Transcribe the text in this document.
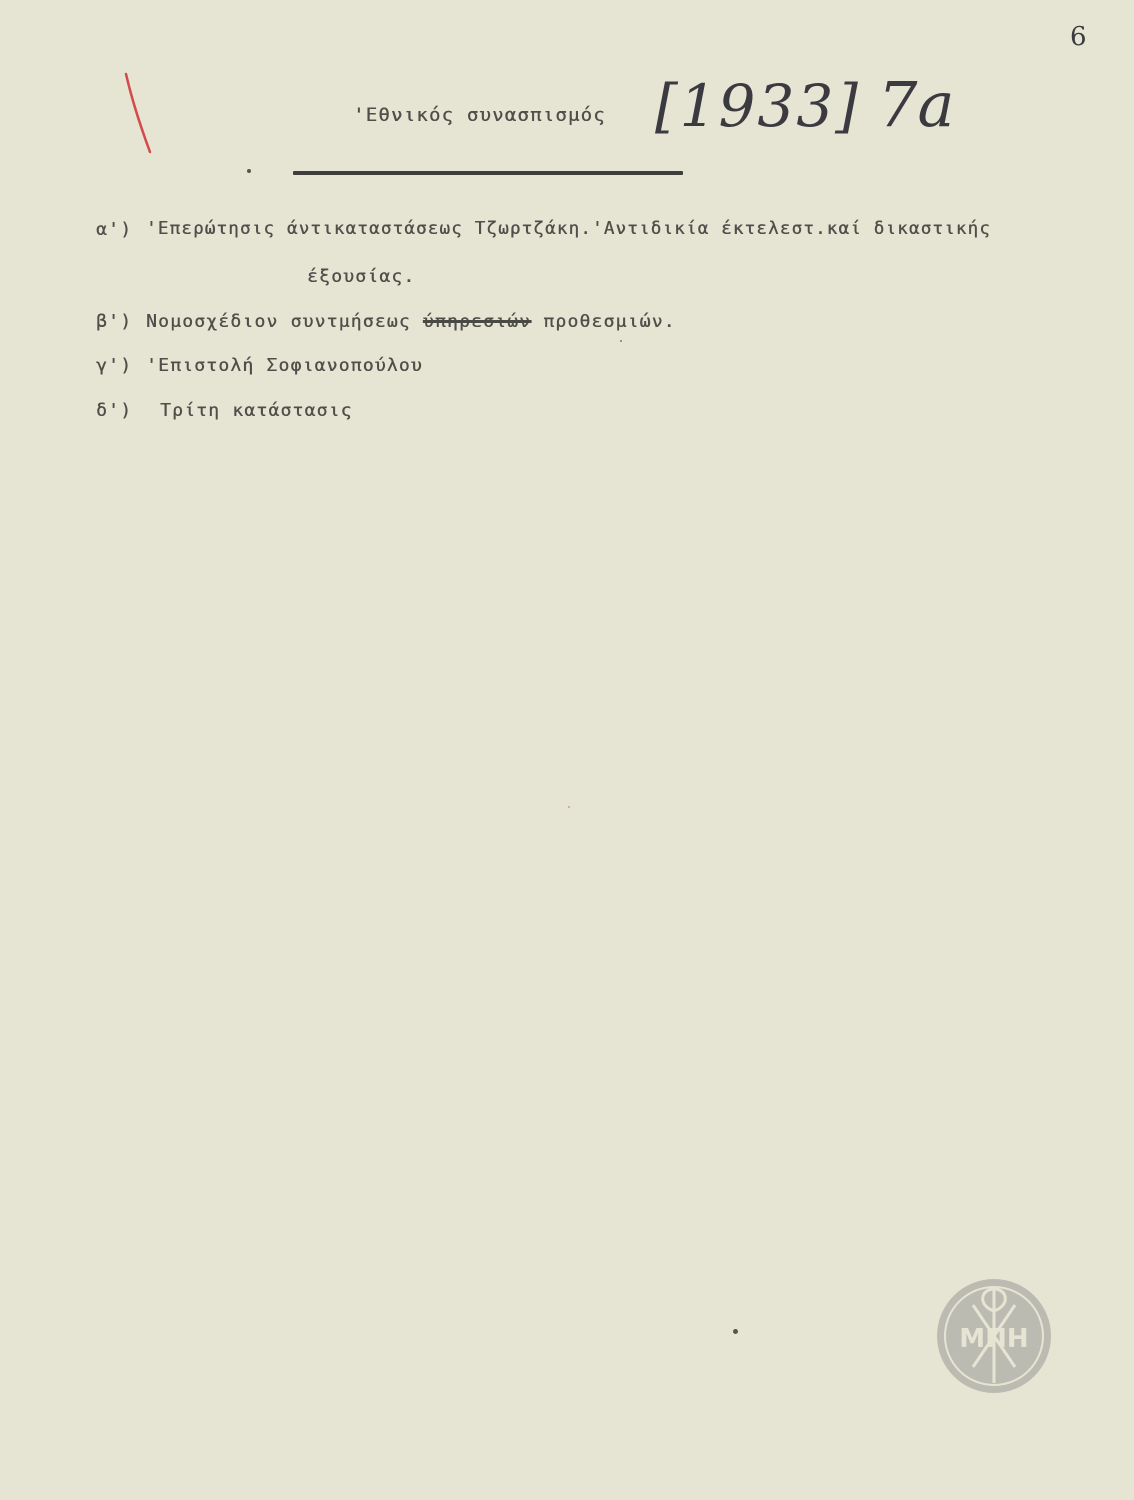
6
'Εθνικός συνασπισμός [1933] 7a
α') 'Επερώτησις άντικαταστάσεως Τζωρτζάκη.'Αντιδικία έκτελεστ.καί δικαστικής
έξουσίας.
β') Νομοσχέδιον συντμήσεως ύπηρεσιών προθεσμιών.
γ') 'Επιστολή Σοφιανοπούλου
δ') Τρίτη κατάστασις
ΜΠΗ
